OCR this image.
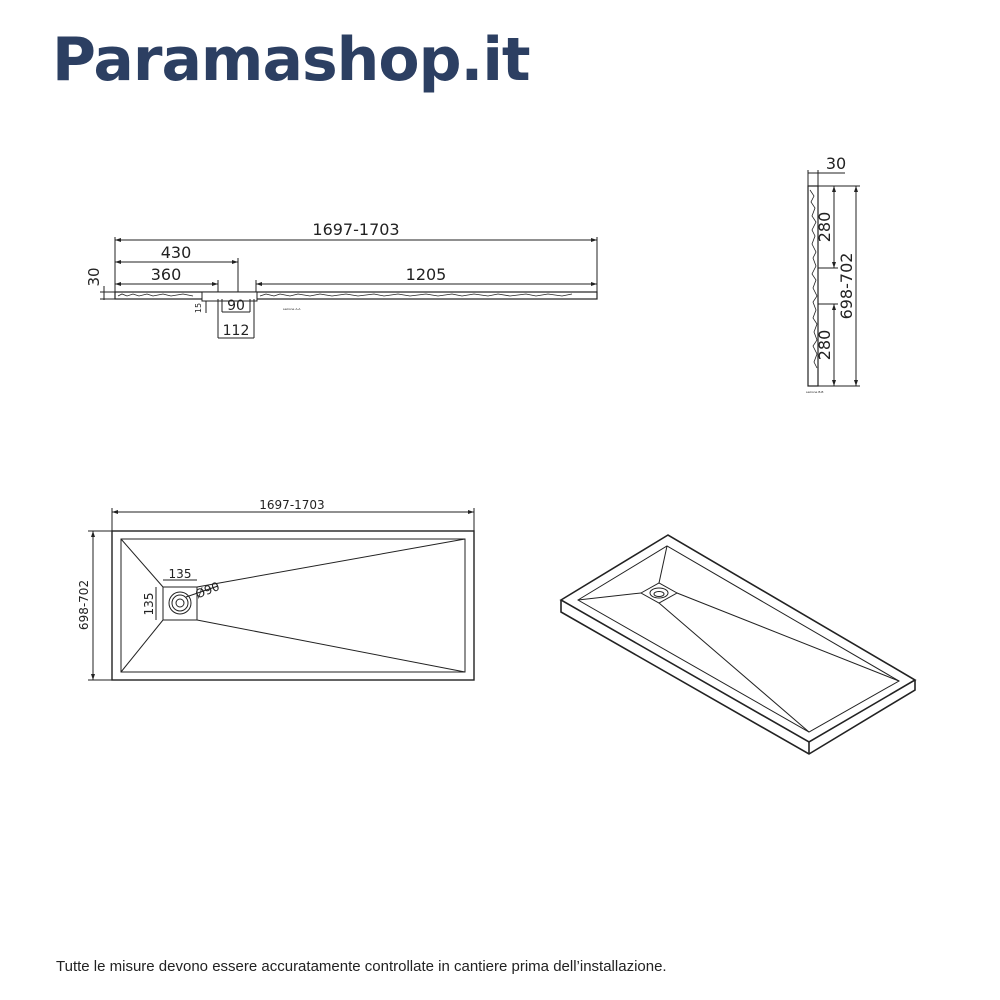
Paramashop.it
sezione A-A
sezione B-B
1697-1703
430
360	1205
30
90
112
15
30
280
698-702
280
1697-1703
698-702
135
135
Ø90
Tutte le misure devono essere accuratamente controllate in cantiere prima dell’installazione.
